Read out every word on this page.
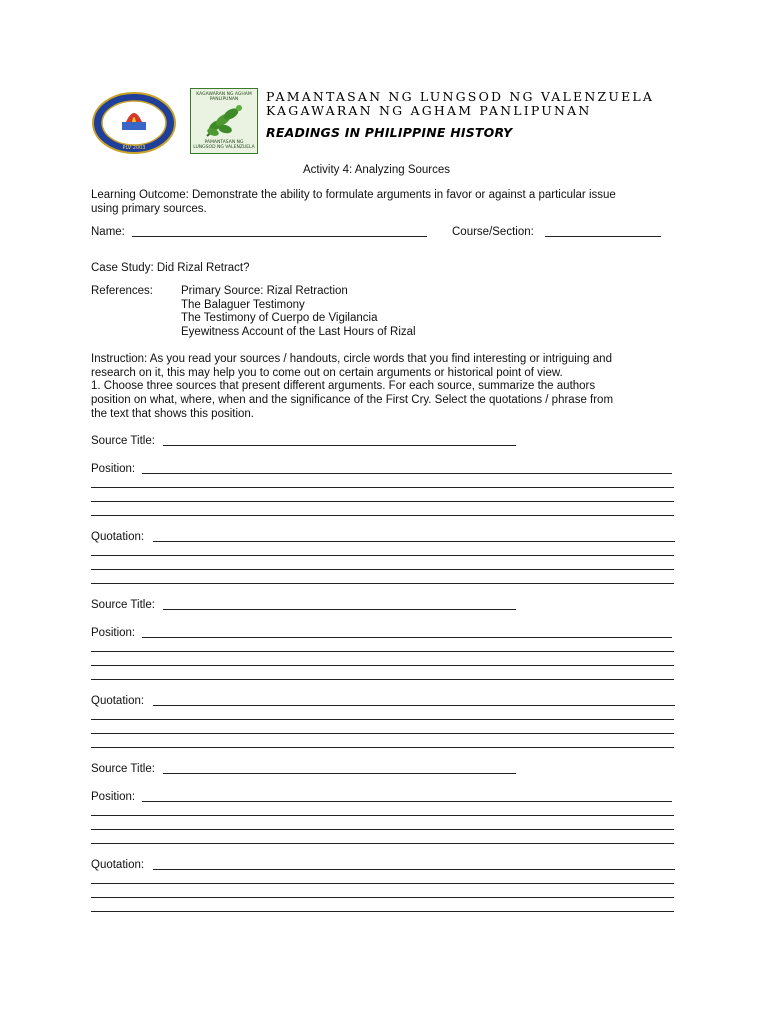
PLV 2003
KAGAWARAN NG AGHAM PANLIPUNAN
PAMANTASAN NG LUNGSOD NG VALENZUELA
PAMANTASAN NG LUNGSOD NG VALENZUELA
KAGAWARAN NG AGHAM PANLIPUNAN
READINGS IN PHILIPPINE HISTORY
Activity 4: Analyzing Sources
Learning Outcome: Demonstrate the ability to formulate arguments in favor or against a particular issue
using primary sources.
Name:	Course/Section:
Case Study: Did Rizal Retract?
References: Primary Source: Rizal Retraction
The Balaguer Testimony
The Testimony of Cuerpo de Vigilancia
Eyewitness Account of the Last Hours of Rizal
Instruction: As you read your sources / handouts, circle words that you find interesting or intriguing and
research on it, this may help you to come out on certain arguments or historical point of view.
1. Choose three sources that present different arguments. For each source, summarize the authors
position on what, where, when and the significance of the First Cry. Select the quotations / phrase from
the text that shows this position.
Source Title:
Position:
Quotation:
Source Title:
Position:
Quotation:
Source Title:
Position:
Quotation:
